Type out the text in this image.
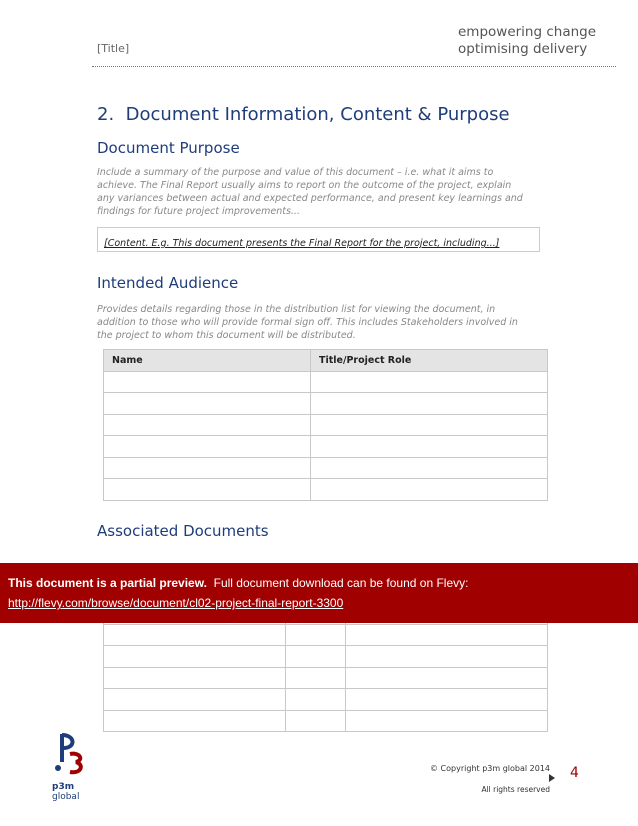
[Title]
empowering change
optimising delivery
2. Document Information, Content & Purpose
Document Purpose
Include a summary of the purpose and value of this document – i.e. what it aims to
achieve. The Final Report usually aims to report on the outcome of the project, explain
any variances between actual and expected performance, and present key learnings and
findings for future project improvements...
[Content. E.g. This document presents the Final Report for the project, including...]
Intended Audience
Provides details regarding those in the distribution list for viewing the document, in
addition to those who will provide formal sign off. This includes Stakeholders involved in
the project to whom this document will be distributed.
Name	Title/Project Role

Associated Documents

This document is a partial preview. Full document download can be found on Flevy:
http://flevy.com/browse/document/cl02-project-final-report-3300
p3m
global
© Copyright p3m global 2014
All rights reserved
4
